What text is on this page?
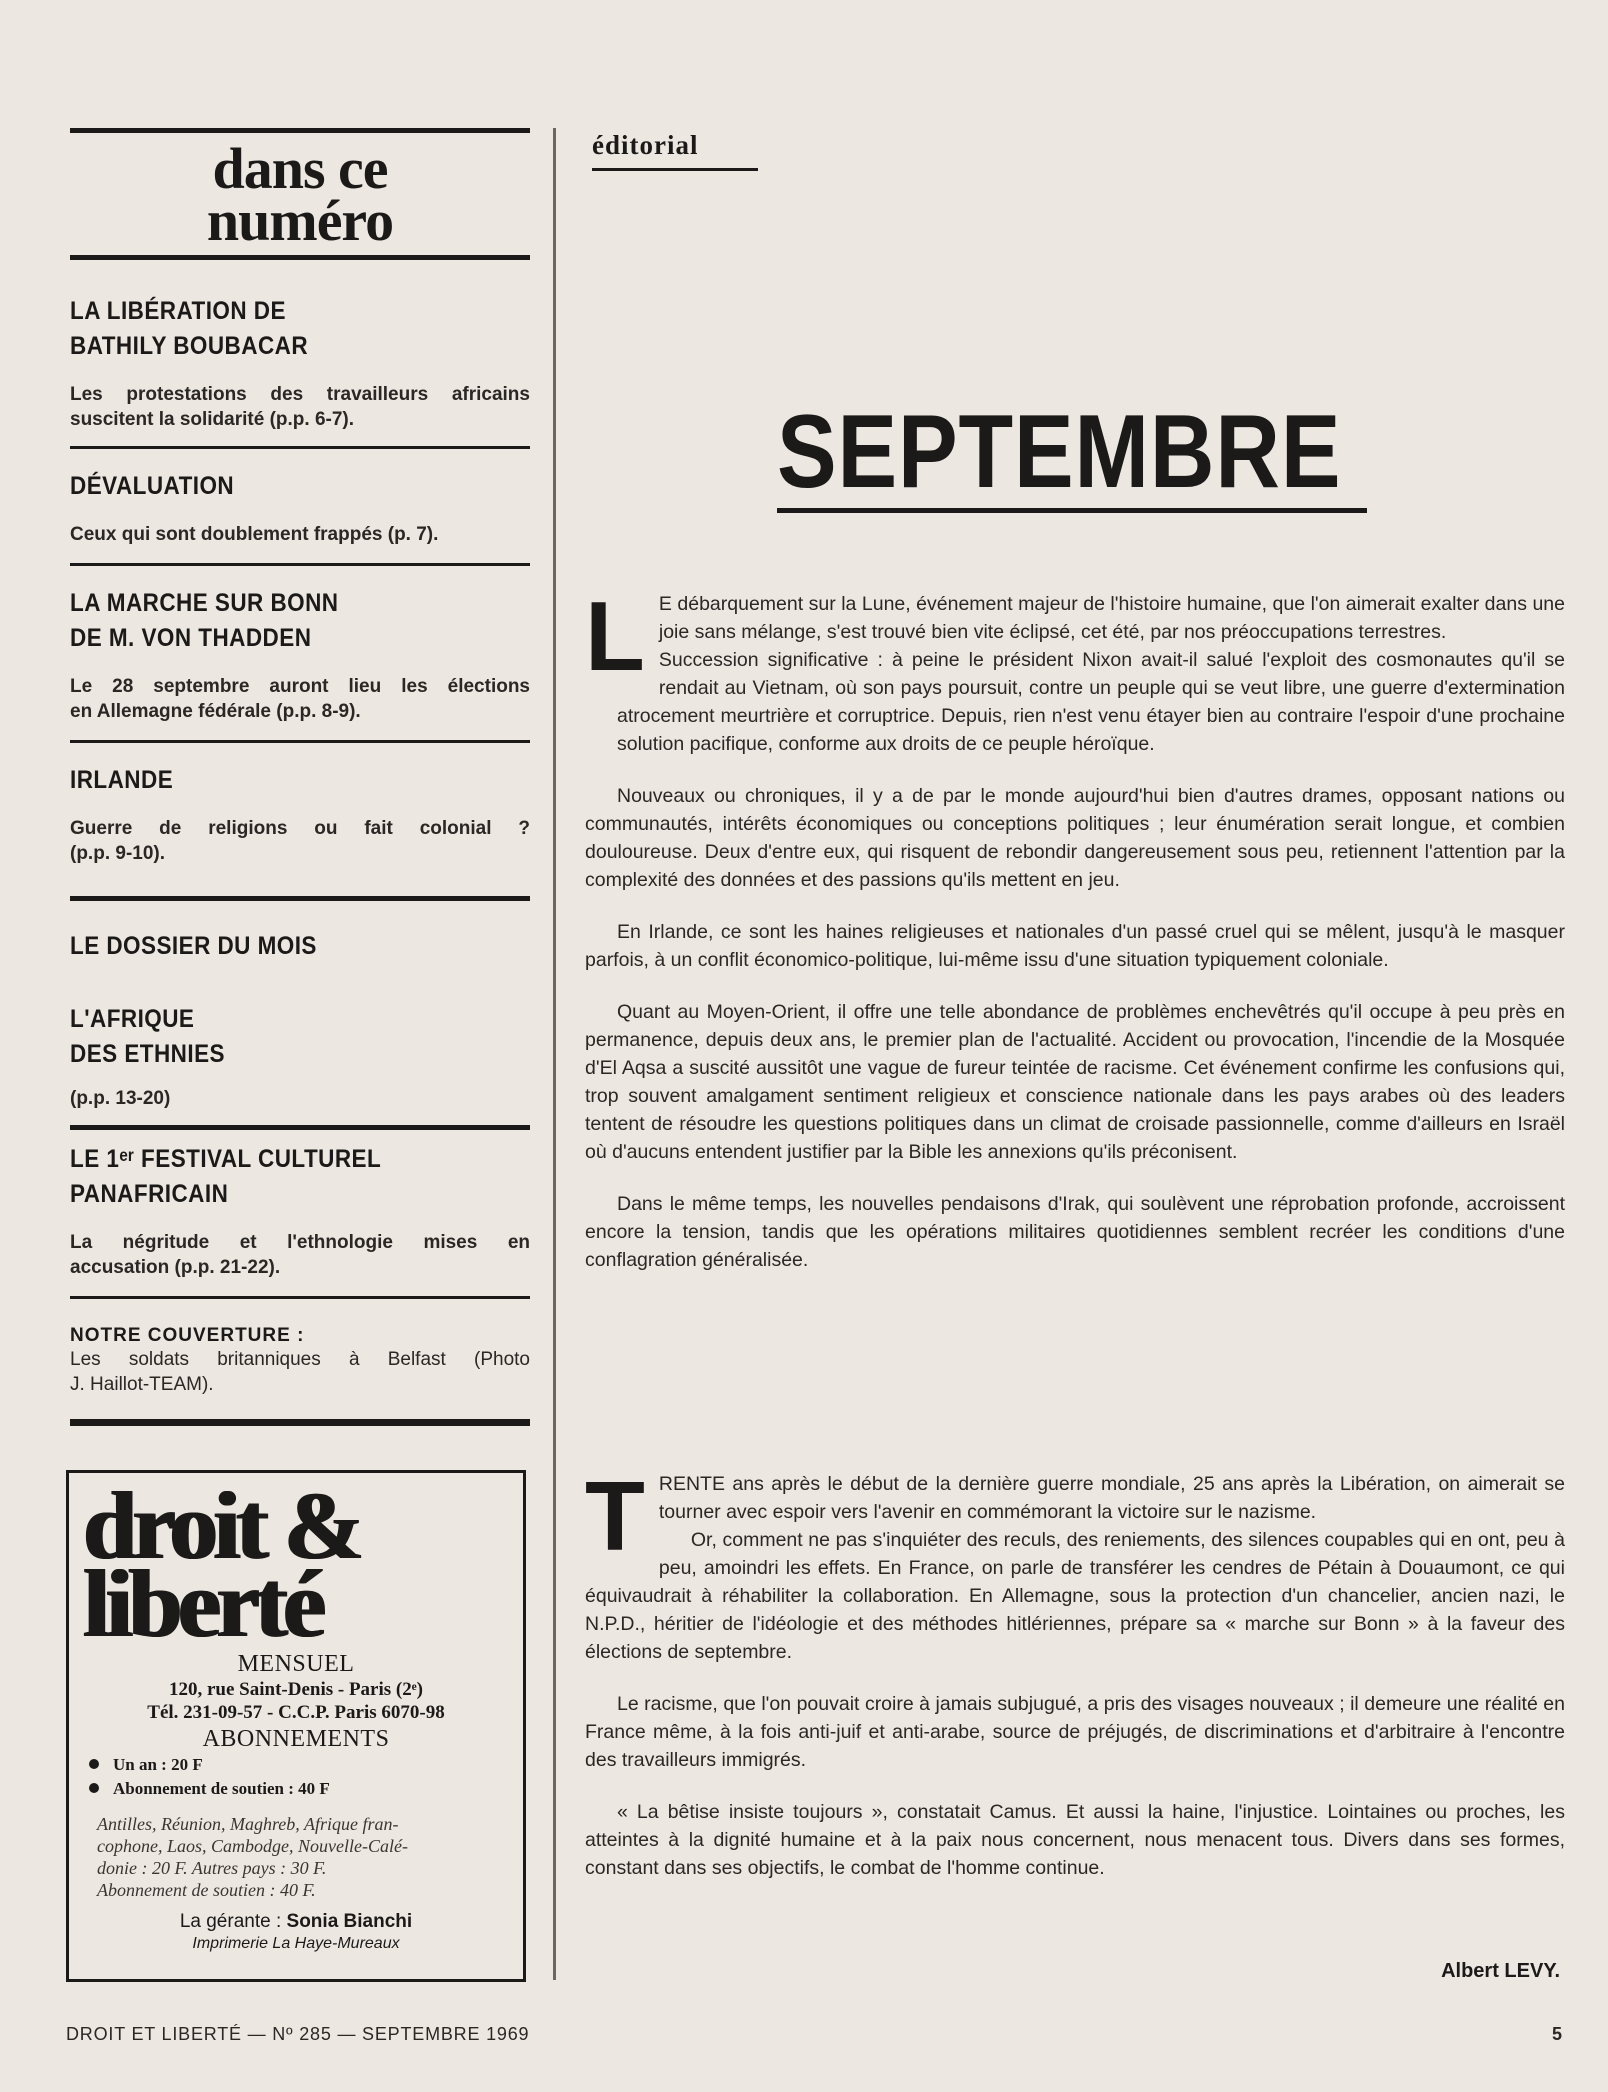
dans ce
numéro
LA LIBÉRATION DE
BATHILY BOUBACAR
Les protestations des travailleurs africains
suscitent la solidarité (p.p. 6-7).
DÉVALUATION
Ceux qui sont doublement frappés (p. 7).
LA MARCHE SUR BONN
DE M. VON THADDEN
Le 28 septembre auront lieu les élections
en Allemagne fédérale (p.p. 8-9).
IRLANDE
Guerre de religions ou fait colonial ?
(p.p. 9-10).
LE DOSSIER DU MOIS
L'AFRIQUE
DES ETHNIES
(p.p. 13-20)
LE 1ᵉʳ FESTIVAL CULTUREL
PANAFRICAIN
La négritude et l'ethnologie mises en
accusation (p.p. 21-22).
NOTRE COUVERTURE :
Les soldats britanniques à Belfast (Photo
J. Haillot-TEAM).
droit &
liberté
MENSUEL
120, rue Saint-Denis - Paris (2ᵉ)
Tél. 231-09-57 - C.C.P. Paris 6070-98
ABONNEMENTS
Un an : 20 F
Abonnement de soutien : 40 F
Antilles, Réunion, Maghreb, Afrique fran-
cophone, Laos, Cambodge, Nouvelle-Calé-
donie : 20 F. Autres pays : 30 F.
Abonnement de soutien : 40 F.
La gérante : Sonia Bianchi
Imprimerie La Haye-Mureaux
éditorial
SEPTEMBRE

L E débarquement sur la Lune, événement majeur de l'histoire humaine, que l'on aimerait exalter dans une joie sans mélange, s'est trouvé bien vite éclipsé, cet été, par nos préoccupations terrestres.

Succession significative : à peine le président Nixon avait-il salué l'exploit des cosmonautes qu'il se rendait au Vietnam, où son pays poursuit, contre un peuple qui se veut libre, une guerre d'extermination atrocement meurtrière et corruptrice. Depuis, rien n'est venu étayer bien au contraire l'espoir d'une prochaine solution pacifique, conforme aux droits de ce peuple héroïque.

Nouveaux ou chroniques, il y a de par le monde aujourd'hui bien d'autres drames, opposant nations ou communautés, intérêts économiques ou conceptions politiques ; leur énumération serait longue, et combien douloureuse. Deux d'entre eux, qui risquent de rebondir dangereusement sous peu, retiennent l'attention par la complexité des données et des passions qu'ils mettent en jeu.

En Irlande, ce sont les haines religieuses et nationales d'un passé cruel qui se mêlent, jusqu'à le masquer parfois, à un conflit économico-politique, lui-même issu d'une situation typiquement coloniale.

Quant au Moyen-Orient, il offre une telle abondance de problèmes enchevêtrés qu'il occupe à peu près en permanence, depuis deux ans, le premier plan de l'actualité. Accident ou provocation, l'incendie de la Mosquée d'El Aqsa a suscité aussitôt une vague de fureur teintée de racisme. Cet événement confirme les confusions qui, trop souvent amalgament sentiment religieux et conscience nationale dans les pays arabes où des leaders tentent de résoudre les questions politiques dans un climat de croisade passionnelle, comme d'ailleurs en Israël où d'aucuns entendent justifier par la Bible les annexions qu'ils préconisent.

Dans le même temps, les nouvelles pendaisons d'Irak, qui soulèvent une réprobation profonde, accroissent encore la tension, tandis que les opérations militaires quotidiennes semblent recréer les conditions d'une conflagration généralisée.

TRENTE ans après le début de la dernière guerre mondiale, 25 ans après la Libération, on aimerait se tourner avec espoir vers l'avenir en commémorant la victoire sur le nazisme.

Or, comment ne pas s'inquiéter des reculs, des reniements, des silences coupables qui en ont, peu à peu, amoindri les effets. En France, on parle de transférer les cendres de Pétain à Douaumont, ce qui équivaudrait à réhabiliter la collaboration. En Allemagne, sous la protection d'un chancelier, ancien nazi, le N.P.D., héritier de l'idéologie et des méthodes hitlériennes, prépare sa « marche sur Bonn » à la faveur des élections de septembre.

Le racisme, que l'on pouvait croire à jamais subjugué, a pris des visages nouveaux ; il demeure une réalité en France même, à la fois anti-juif et anti-arabe, source de préjugés, de discriminations et d'arbitraire à l'encontre des travailleurs immigrés.

« La bêtise insiste toujours », constatait Camus. Et aussi la haine, l'injustice. Lointaines ou proches, les atteintes à la dignité humaine et à la paix nous concernent, nous menacent tous. Divers dans ses formes, constant dans ses objectifs, le combat de l'homme continue.

Albert LEVY.
DROIT ET LIBERTÉ — Nº 285 — SEPTEMBRE 1969	5
